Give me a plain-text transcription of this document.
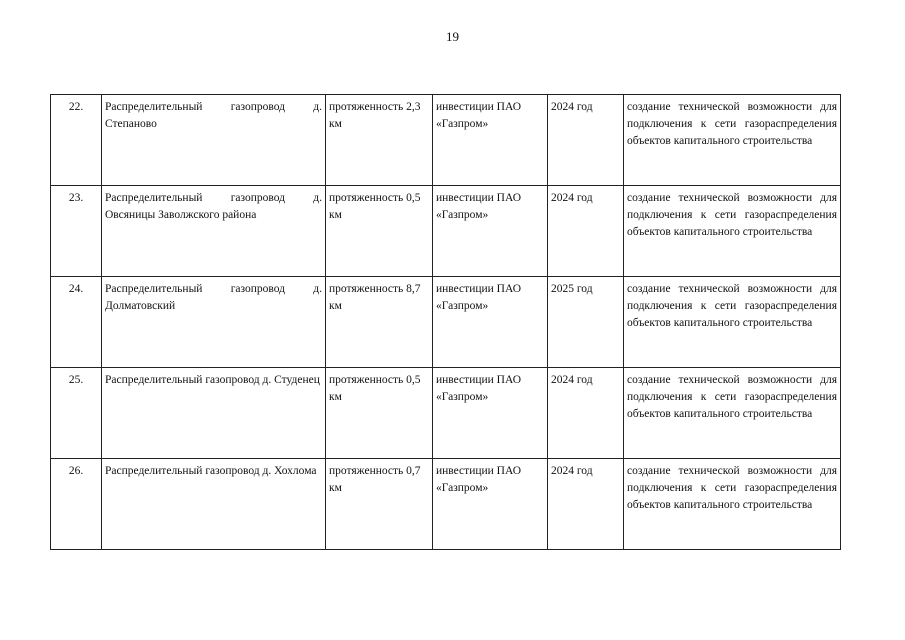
19
22.	Распределительный газопровод д. Степаново	протяженность 2,3 км	инвестиции ПАО «Газпром»	2024 год	создание технической возможности для подключения к сети газораспределения объектов капитального строительства
23.	Распределительный газопровод д. Овсяницы Заволжского района	протяженность 0,5 км	инвестиции ПАО «Газпром»	2024 год	создание технической возможности для подключения к сети газораспределения объектов капитального строительства
24.	Распределительный газопровод д. Долматовский	протяженность 8,7 км	инвестиции ПАО «Газпром»	2025 год	создание технической возможности для подключения к сети газораспределения объектов капитального строительства
25.	Распределительный газопровод д. Студенец	протяженность 0,5 км	инвестиции ПАО «Газпром»	2024 год	создание технической возможности для подключения к сети газораспределения объектов капитального строительства
26.	Распределительный газопровод д. Хохлома	протяженность 0,7 км	инвестиции ПАО «Газпром»	2024 год	создание технической возможности для подключения к сети газораспределения объектов капитального строительства
